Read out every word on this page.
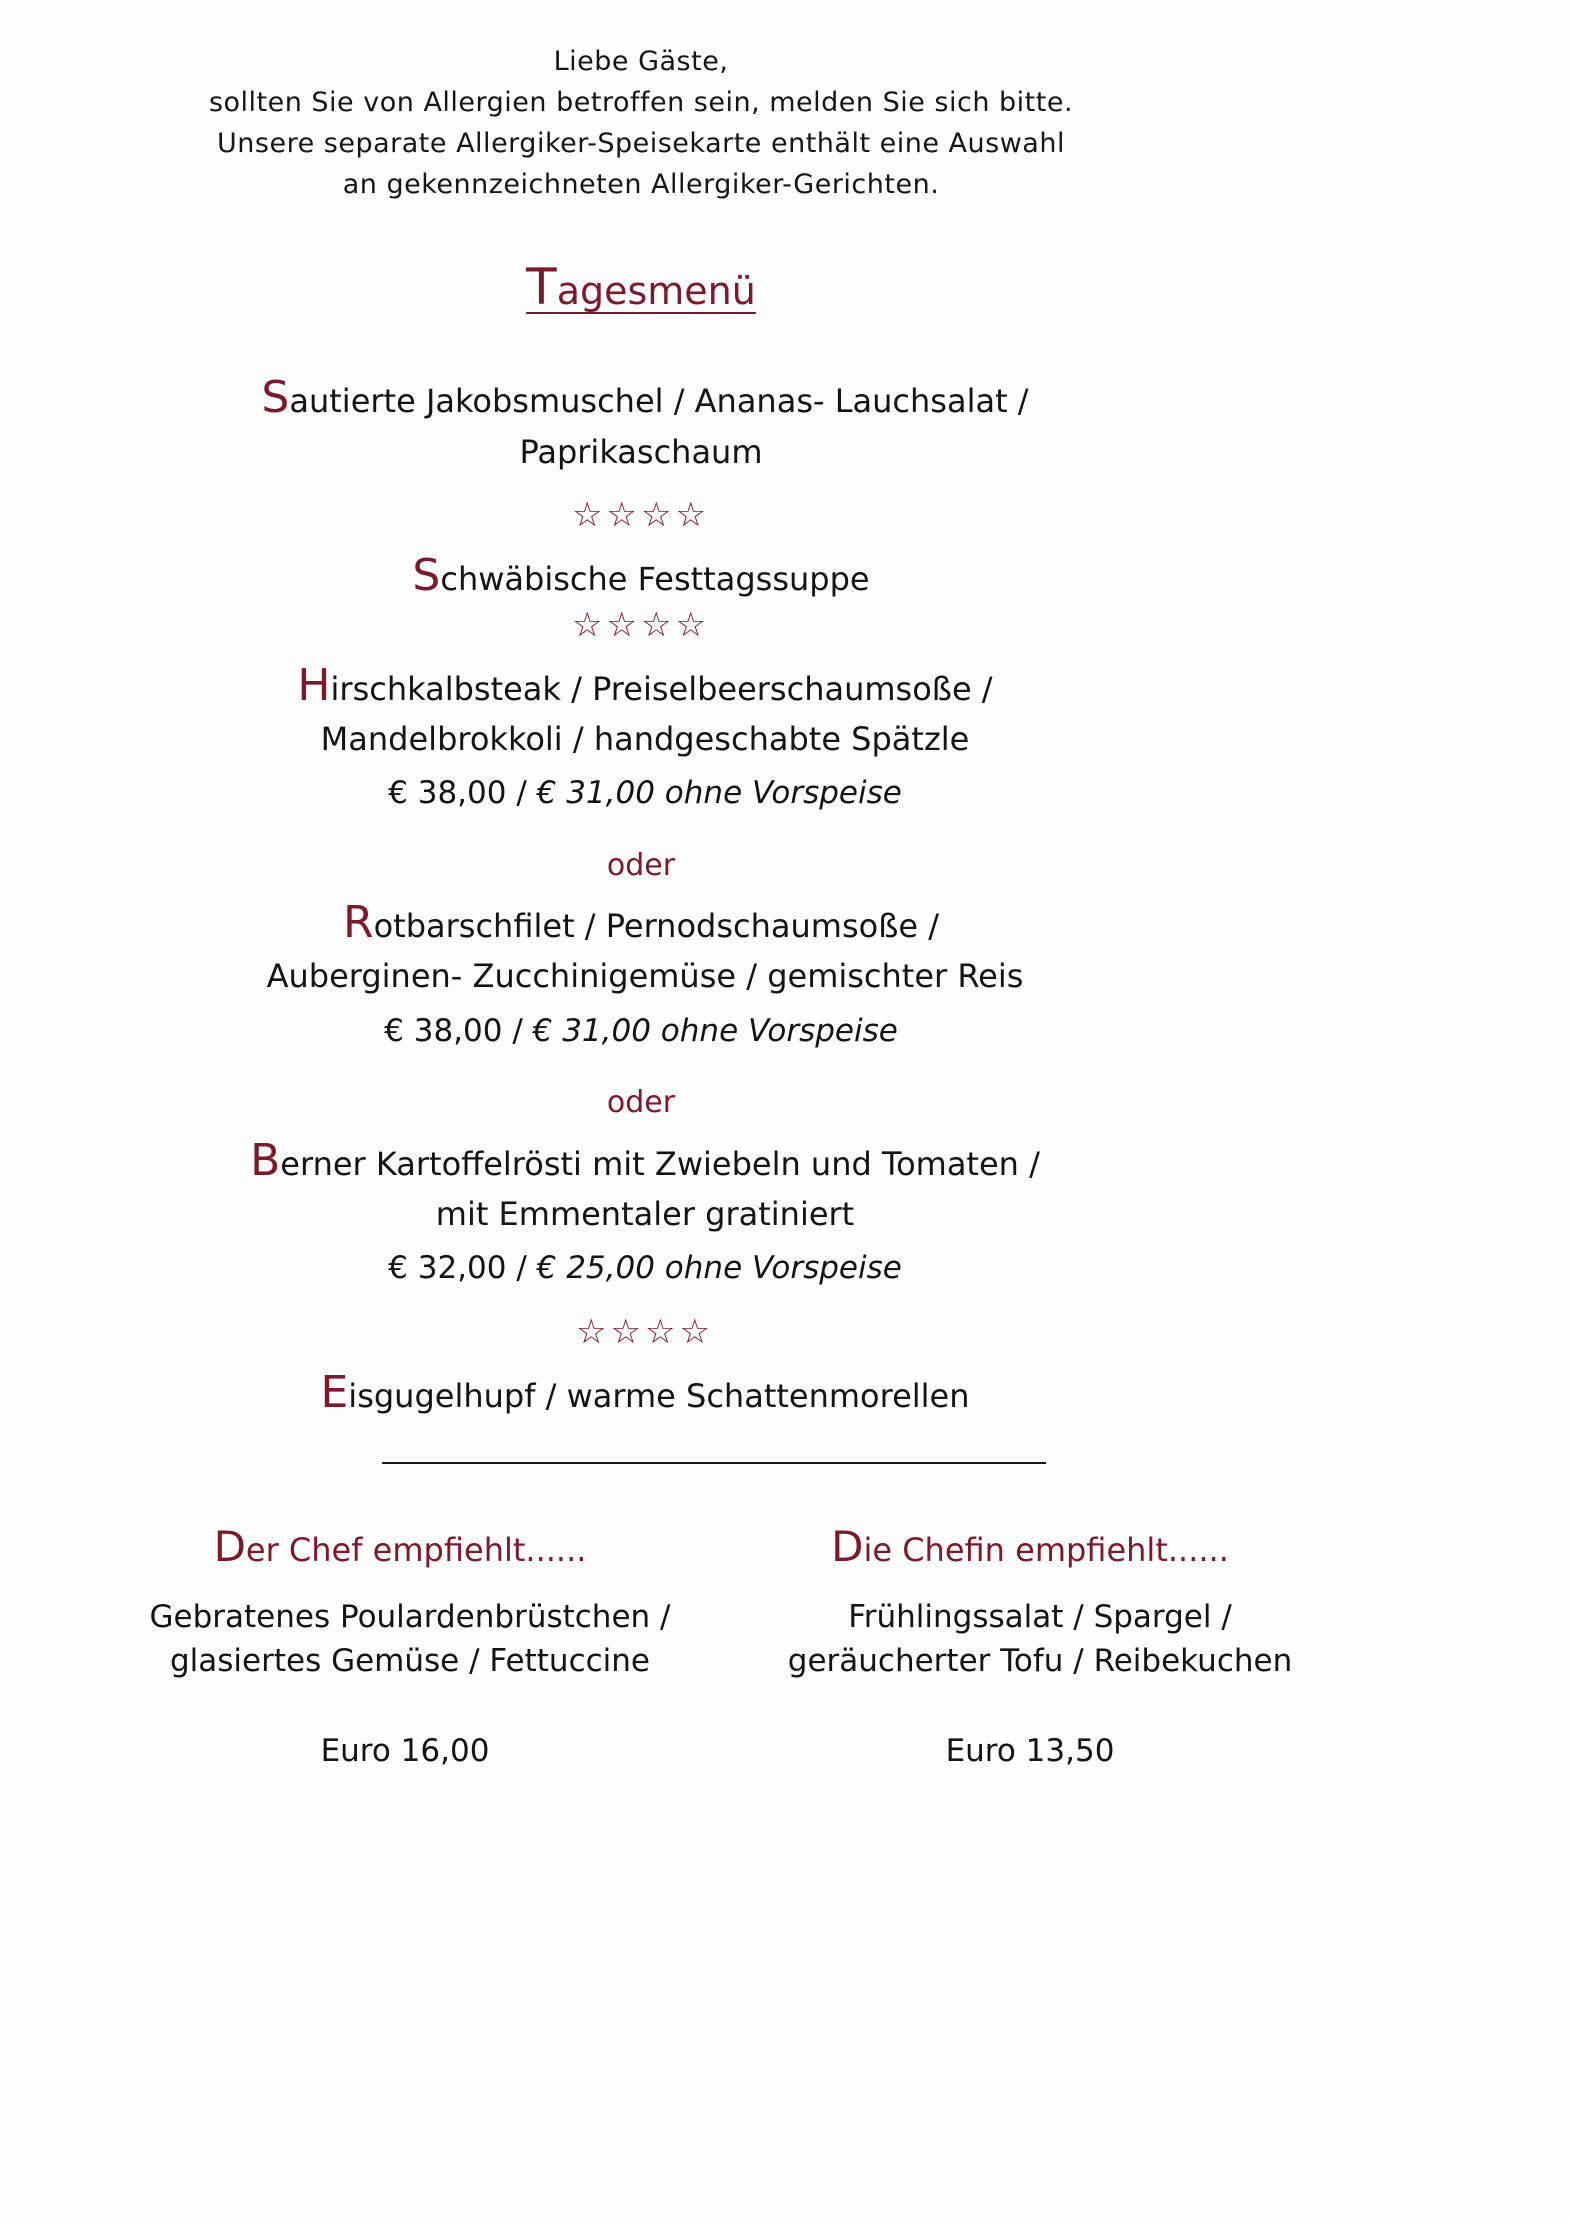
Liebe Gäste,
sollten Sie von Allergien betroffen sein, melden Sie sich bitte.
Unsere separate Allergiker-Speisekarte enthält eine Auswahl
an gekennzeichneten Allergiker-Gerichten.
Tagesmenü
Sautierte Jakobsmuschel / Ananas- Lauchsalat /
Paprikaschaum
☆☆☆☆
Schwäbische Festtagssuppe
☆☆☆☆
Hirschkalbsteak / Preiselbeerschaumsoße /
Mandelbrokkoli / handgeschabte Spätzle
€ 38,00 / € 31,00 ohne Vorspeise
oder
Rotbarschfilet / Pernodschaumsoße /
Auberginen- Zucchinigemüse / gemischter Reis
€ 38,00 / € 31,00 ohne Vorspeise
oder
Berner Kartoffelrösti mit Zwiebeln und Tomaten /
mit Emmentaler gratiniert
€ 32,00 / € 25,00 ohne Vorspeise
☆☆☆☆
Eisgugelhupf / warme Schattenmorellen
Der Chef empfiehlt......
Gebratenes Poulardenbrüstchen /
glasiertes Gemüse / Fettuccine
Euro 16,00
Die Chefin empfiehlt......
Frühlingssalat / Spargel /
geräucherter Tofu / Reibekuchen
Euro 13,50
